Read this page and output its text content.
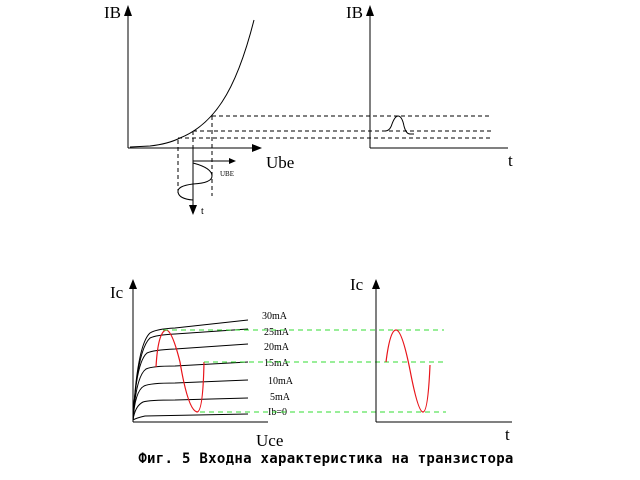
IB
Ube
UBE
t
IB
t
Ic
Uce
30mA
25mA
20mA
15mA
10mA
5mA
Ib=0
Ic
t
Фиг. 5 Входна характеристика на транзистора
